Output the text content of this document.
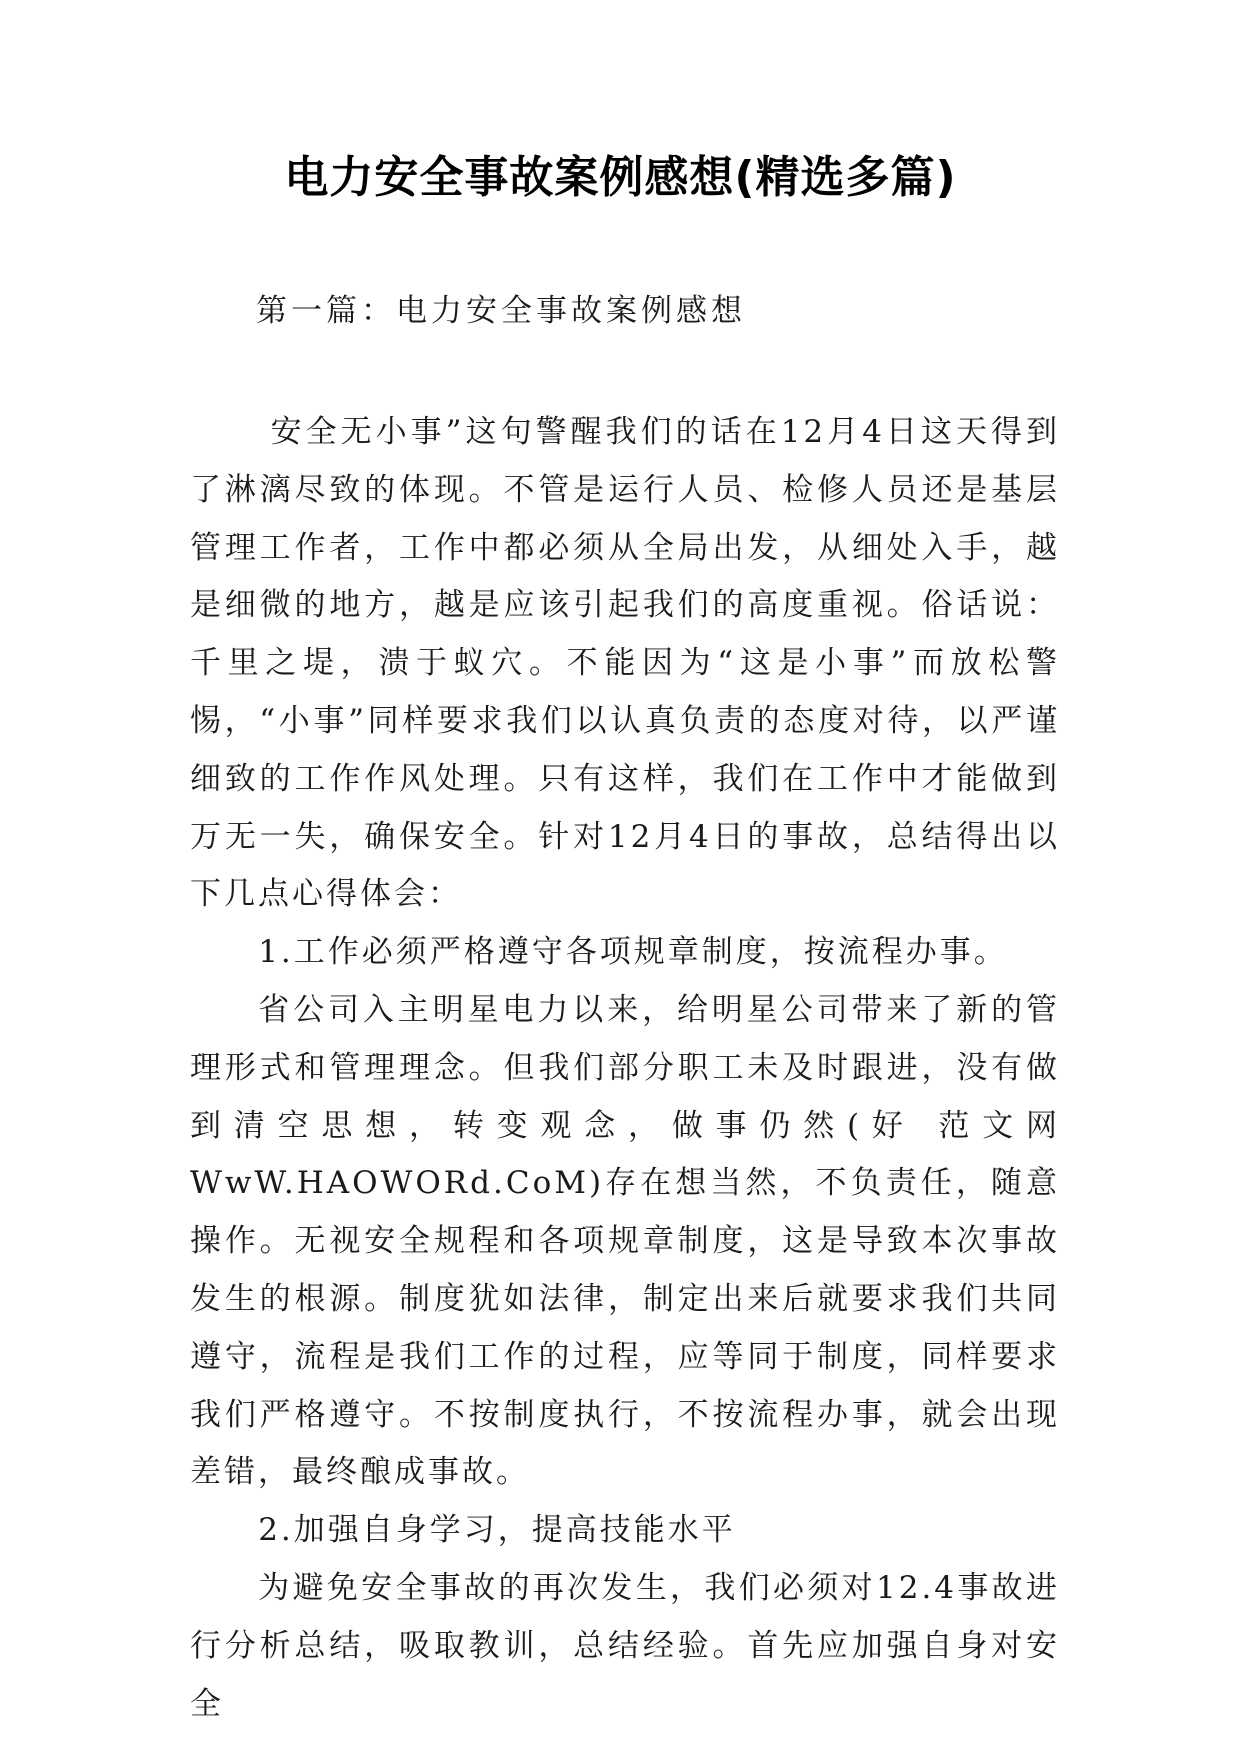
电力安全事故案例感想(精选多篇)
第一篇：电力安全事故案例感想

安全无小事”这句警醒我们的话在12月4日这天得到了淋漓尽致的体现。不管是运行人员、检修人员还是基层管理工作者，工作中都必须从全局出发，从细处入手，越是细微的地方，越是应该引起我们的高度重视。俗话说：千里之堤，溃于蚁穴。不能因为“这是小事”而放松警惕，“小事”同样要求我们以认真负责的态度对待，以严谨细致的工作作风处理。只有这样，我们在工作中才能做到万无一失，确保安全。针对12月4日的事故，总结得出以下几点心得体会：

1.工作必须严格遵守各项规章制度，按流程办事。

省公司入主明星电力以来，给明星公司带来了新的管理形式和管理理念。但我们部分职工未及时跟进，没有做到清空思想，转变观念，做事仍然(好 范文网 WwW.HAOWORd.CoM)存在想当然，不负责任，随意操作。无视安全规程和各项规章制度，这是导致本次事故发生的根源。制度犹如法律，制定出来后就要求我们共同遵守，流程是我们工作的过程，应等同于制度，同样要求我们严格遵守。不按制度执行，不按流程办事，就会出现差错，最终酿成事故。

2.加强自身学习，提高技能水平

为避免安全事故的再次发生，我们必须对12.4事故进行分析总结，吸取教训，总结经验。首先应加强自身对安全
